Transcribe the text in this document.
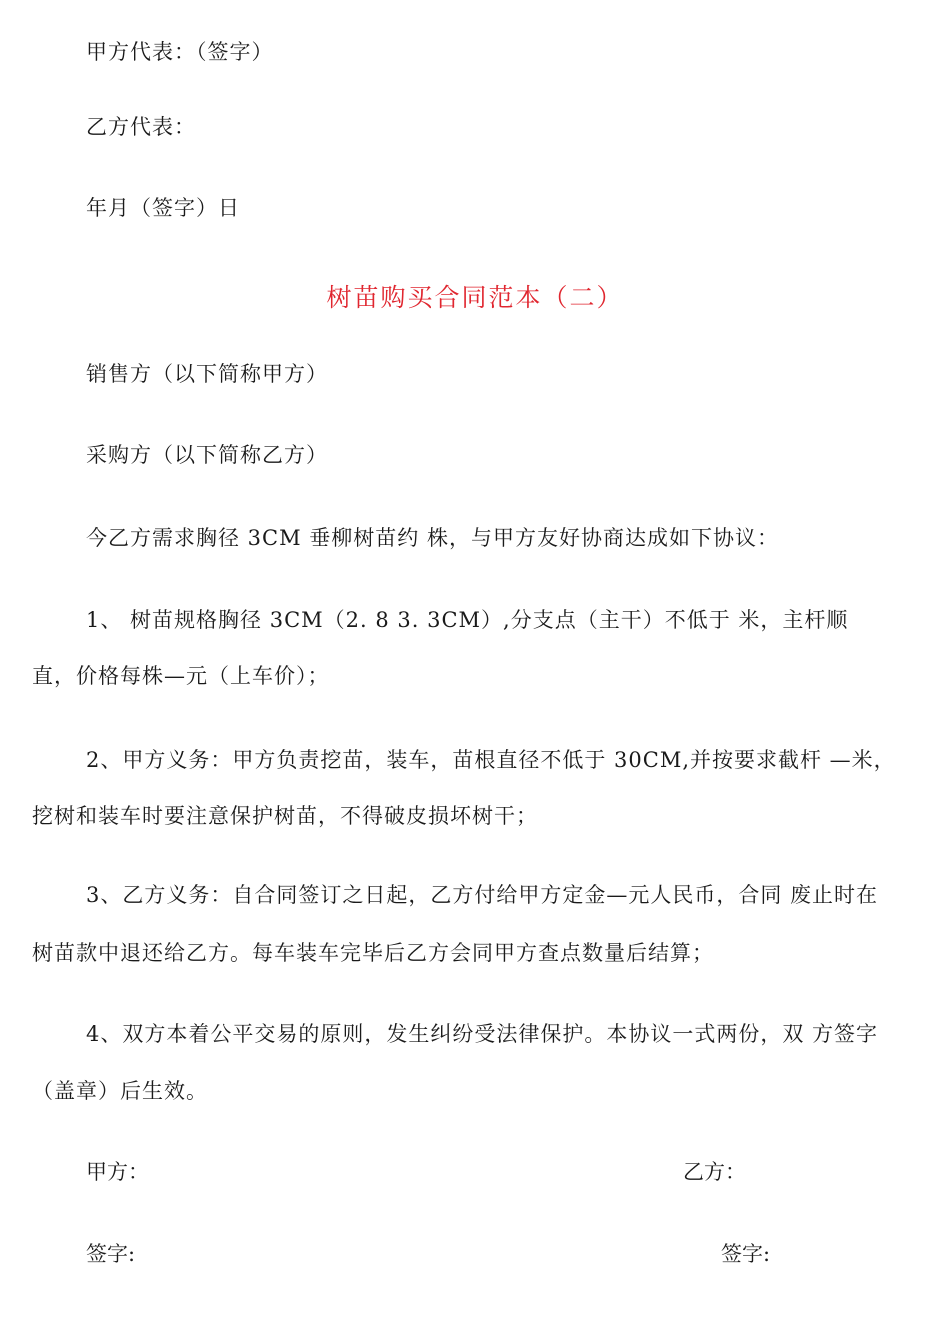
甲方代表：（签字）
乙方代表：
年月（签字）日
树苗购买合同范本（二）
销售方（以下简称甲方）
采购方（以下简称乙方）
今乙方需求胸径 3CM 垂柳树苗约 株，与甲方友好协商达成如下协议：
1、 树苗规格胸径 3CM（2. 8 3. 3CM）,分支点（主干）不低于 米，主杆顺
直，价格每株—元（上车价）；
2、甲方义务：甲方负责挖苗，装车，苗根直径不低于 30CM,并按要求截杆 —米，
挖树和装车时要注意保护树苗，不得破皮损坏树干；
3、乙方义务：自合同签订之日起，乙方付给甲方定金—元人民币，合同 废止时在
树苗款中退还给乙方。每车装车完毕后乙方会同甲方查点数量后结算；
4、双方本着公平交易的原则，发生纠纷受法律保护。本协议一式两份，双 方签字
（盖章）后生效。
甲方：	乙方：
签字:	签字:
